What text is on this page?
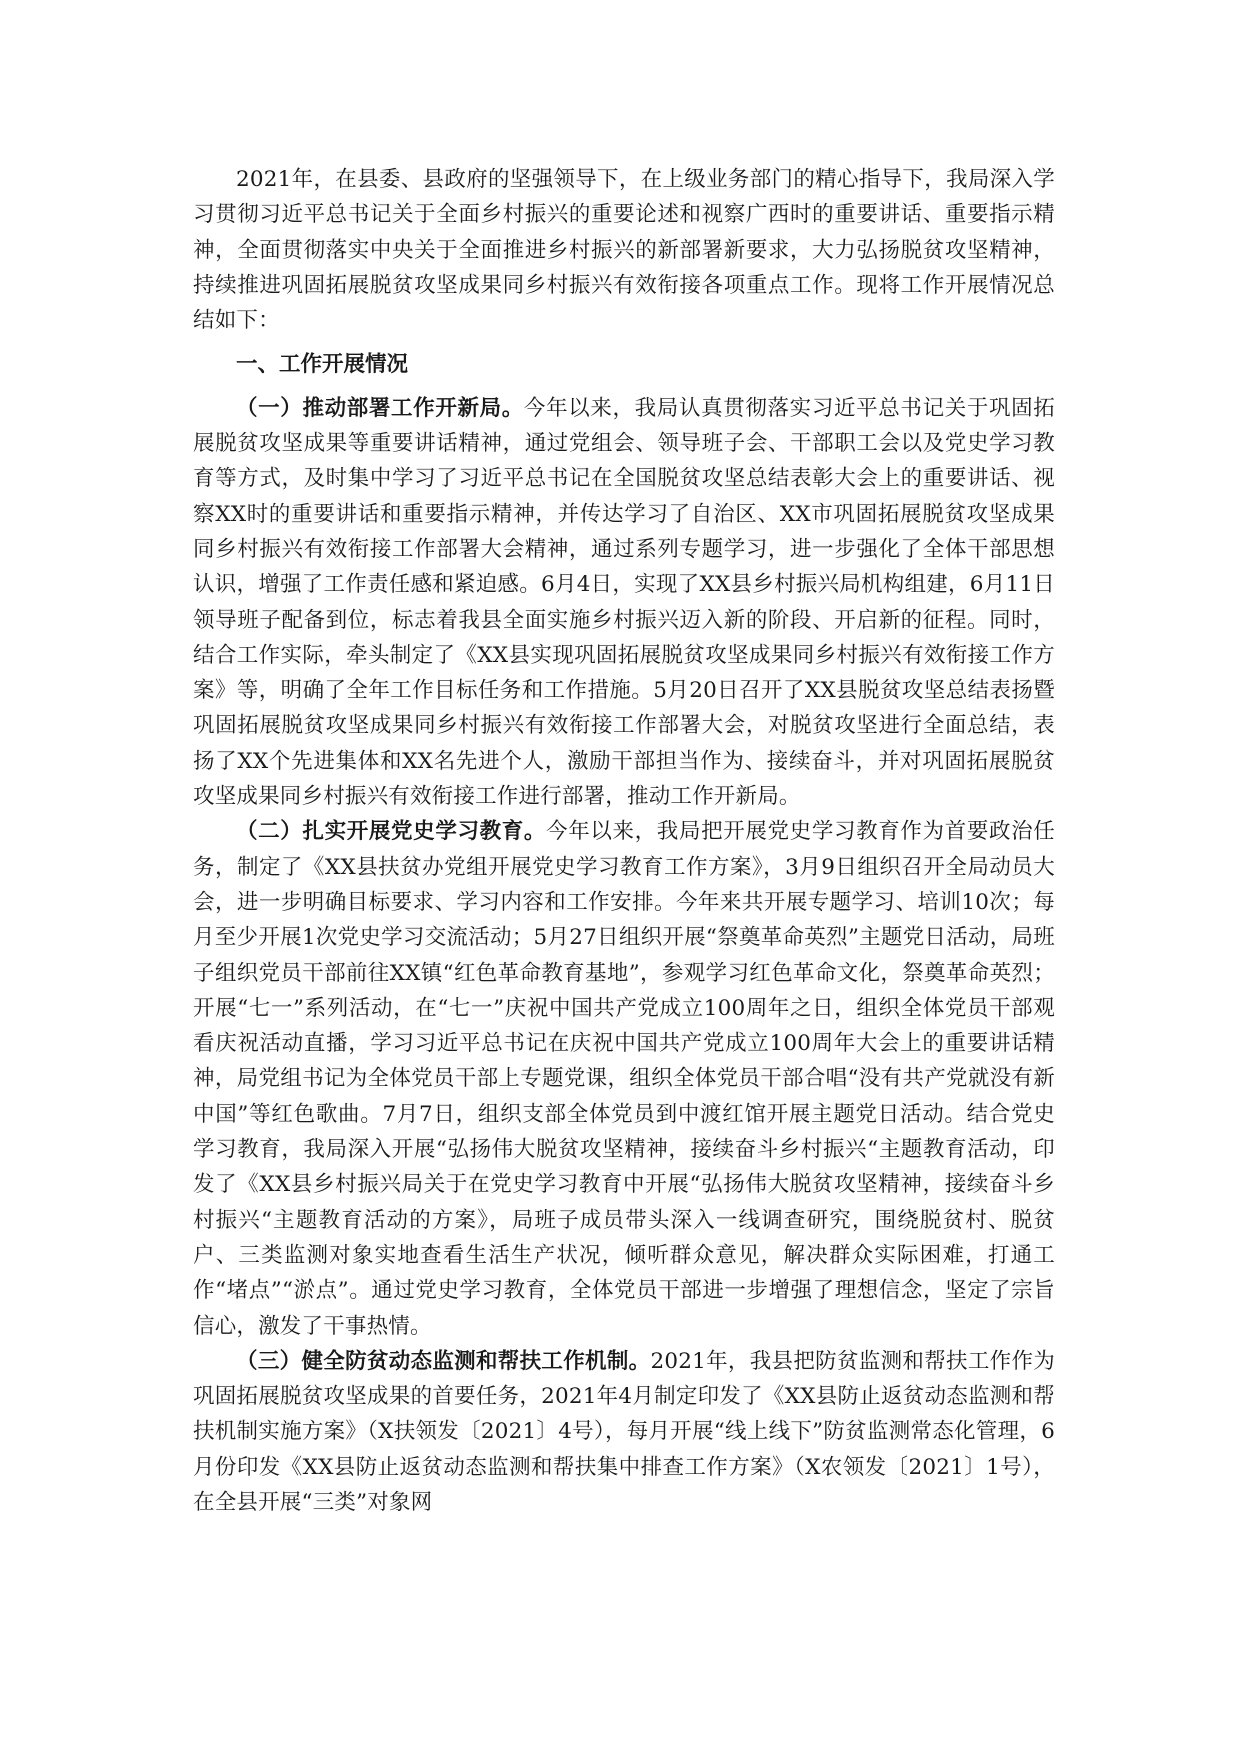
2021年，在县委、县政府的坚强领导下，在上级业务部门的精心指导下，我局深入学习贯彻习近平总书记关于全面乡村振兴的重要论述和视察广西时的重要讲话、重要指示精神，全面贯彻落实中央关于全面推进乡村振兴的新部署新要求，大力弘扬脱贫攻坚精神，持续推进巩固拓展脱贫攻坚成果同乡村振兴有效衔接各项重点工作。现将工作开展情况总结如下：

一、工作开展情况

（一）推动部署工作开新局。今年以来，我局认真贯彻落实习近平总书记关于巩固拓展脱贫攻坚成果等重要讲话精神，通过党组会、领导班子会、干部职工会以及党史学习教育等方式，及时集中学习了习近平总书记在全国脱贫攻坚总结表彰大会上的重要讲话、视察XX时的重要讲话和重要指示精神，并传达学习了自治区、XX市巩固拓展脱贫攻坚成果同乡村振兴有效衔接工作部署大会精神，通过系列专题学习，进一步强化了全体干部思想认识，增强了工作责任感和紧迫感。6月4日，实现了XX县乡村振兴局机构组建，6月11日领导班子配备到位，标志着我县全面实施乡村振兴迈入新的阶段、开启新的征程。同时，结合工作实际，牵头制定了《XX县实现巩固拓展脱贫攻坚成果同乡村振兴有效衔接工作方案》等，明确了全年工作目标任务和工作措施。5月20日召开了XX县脱贫攻坚总结表扬暨巩固拓展脱贫攻坚成果同乡村振兴有效衔接工作部署大会，对脱贫攻坚进行全面总结，表扬了XX个先进集体和XX名先进个人，激励干部担当作为、接续奋斗，并对巩固拓展脱贫攻坚成果同乡村振兴有效衔接工作进行部署，推动工作开新局。

（二）扎实开展党史学习教育。今年以来，我局把开展党史学习教育作为首要政治任务，制定了《XX县扶贫办党组开展党史学习教育工作方案》，3月9日组织召开全局动员大会，进一步明确目标要求、学习内容和工作安排。今年来共开展专题学习、培训10次；每月至少开展1次党史学习交流活动；5月27日组织开展“祭奠革命英烈”主题党日活动，局班子组织党员干部前往XX镇“红色革命教育基地”，参观学习红色革命文化，祭奠革命英烈；开展“七一”系列活动，在“七一”庆祝中国共产党成立100周年之日，组织全体党员干部观看庆祝活动直播，学习习近平总书记在庆祝中国共产党成立100周年大会上的重要讲话精神，局党组书记为全体党员干部上专题党课，组织全体党员干部合唱“没有共产党就没有新中国”等红色歌曲。7月7日，组织支部全体党员到中渡红馆开展主题党日活动。结合党史学习教育，我局深入开展“弘扬伟大脱贫攻坚精神，接续奋斗乡村振兴“主题教育活动，印发了《XX县乡村振兴局关于在党史学习教育中开展“弘扬伟大脱贫攻坚精神，接续奋斗乡村振兴“主题教育活动的方案》，局班子成员带头深入一线调查研究，围绕脱贫村、脱贫户、三类监测对象实地查看生活生产状况，倾听群众意见，解决群众实际困难，打通工作“堵点”“淤点”。通过党史学习教育，全体党员干部进一步增强了理想信念，坚定了宗旨信心，激发了干事热情。

（三）健全防贫动态监测和帮扶工作机制。2021年，我县把防贫监测和帮扶工作作为巩固拓展脱贫攻坚成果的首要任务，2021年4月制定印发了《XX县防止返贫动态监测和帮扶机制实施方案》（X扶领发〔2021〕4号），每月开展“线上线下”防贫监测常态化管理，6月份印发《XX县防止返贫动态监测和帮扶集中排查工作方案》（X农领发〔2021〕1号），在全县开展“三类”对象网
